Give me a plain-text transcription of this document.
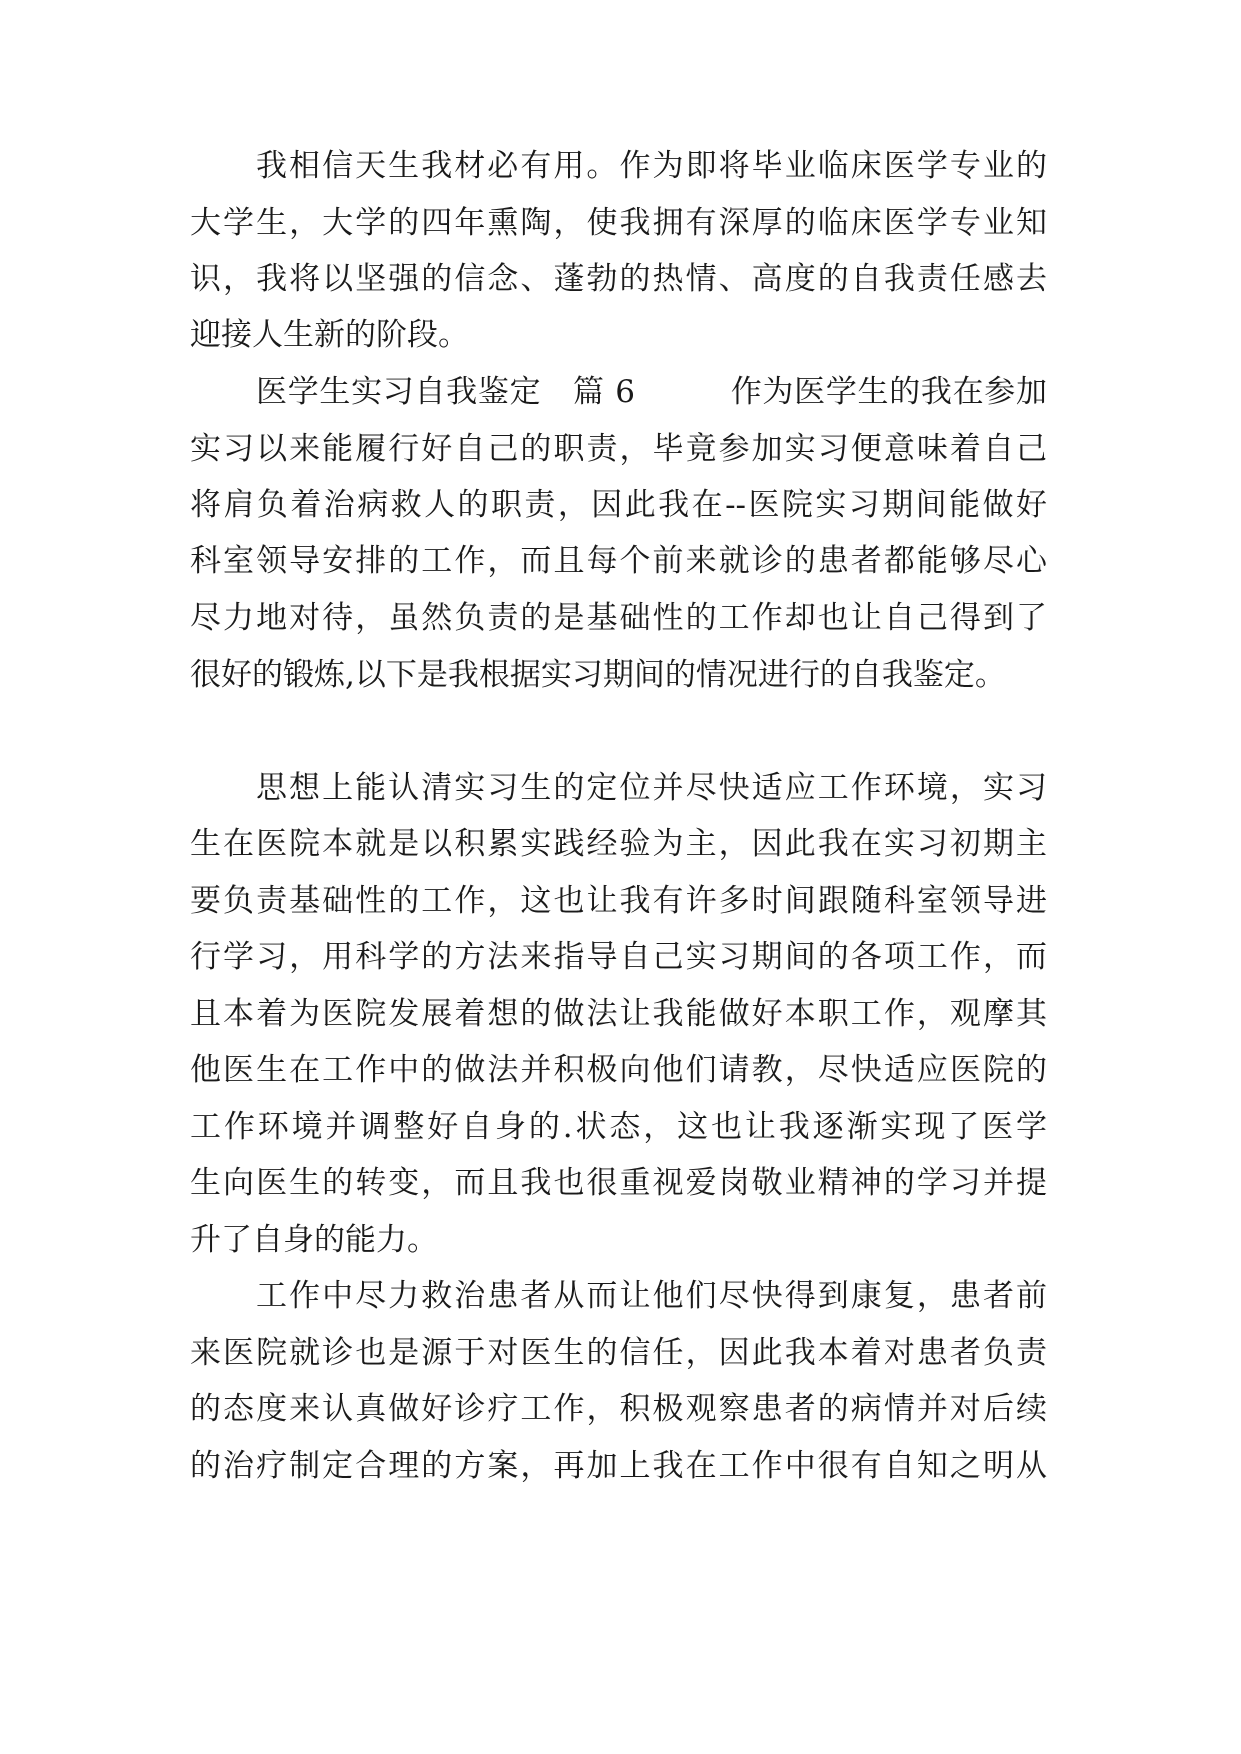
我相信天生我材必有用。作为即将毕业临床医学专业的
大学生，大学的四年熏陶，使我拥有深厚的临床医学专业知
识，我将以坚强的信念、蓬勃的热情、高度的自我责任感去
迎接人生新的阶段。
医学生实习自我鉴定　篇 6　　　作为医学生的我在参加
实习以来能履行好自己的职责，毕竟参加实习便意味着自己
将肩负着治病救人的职责，因此我在--医院实习期间能做好
科室领导安排的工作，而且每个前来就诊的患者都能够尽心
尽力地对待，虽然负责的是基础性的工作却也让自己得到了
很好的锻炼,以下是我根据实习期间的情况进行的自我鉴定。
思想上能认清实习生的定位并尽快适应工作环境，实习
生在医院本就是以积累实践经验为主，因此我在实习初期主
要负责基础性的工作，这也让我有许多时间跟随科室领导进
行学习，用科学的方法来指导自己实习期间的各项工作，而
且本着为医院发展着想的做法让我能做好本职工作，观摩其
他医生在工作中的做法并积极向他们请教，尽快适应医院的
工作环境并调整好自身的.状态，这也让我逐渐实现了医学
生向医生的转变，而且我也很重视爱岗敬业精神的学习并提
升了自身的能力。
工作中尽力救治患者从而让他们尽快得到康复，患者前
来医院就诊也是源于对医生的信任，因此我本着对患者负责
的态度来认真做好诊疗工作，积极观察患者的病情并对后续
的治疗制定合理的方案，再加上我在工作中很有自知之明从
